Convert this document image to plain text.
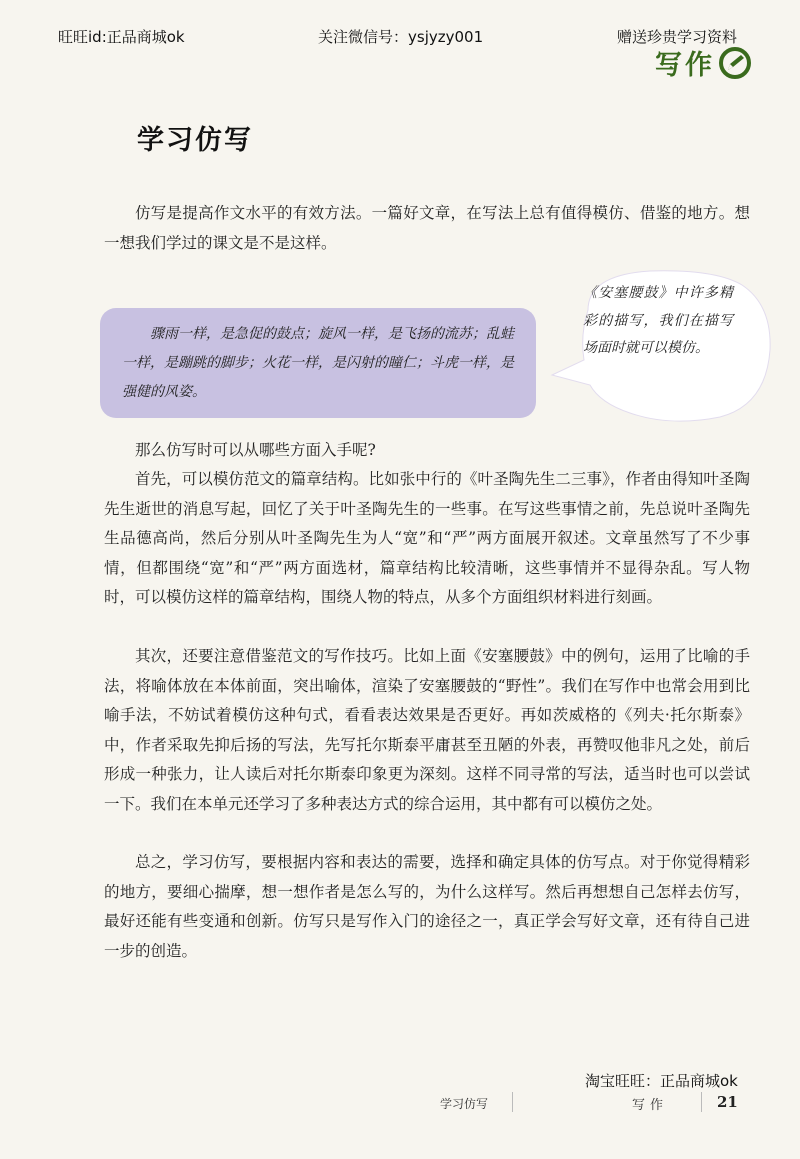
旺旺id:正品商城ok	关注微信号：ysjyzy001	赠送珍贵学习资料
写作
学习仿写

仿写是提高作文水平的有效方法。一篇好文章，在写法上总有值得模仿、借鉴的地方。想一想我们学过的课文是不是这样。

骤雨一样，是急促的鼓点；旋风一样，是飞扬的流苏；乱蛙一样，是蹦跳的脚步；火花一样，是闪射的瞳仁；斗虎一样，是强健的风姿。

《安塞腰鼓》中许多精彩的描写，我们在描写场面时就可以模仿。

那么仿写时可以从哪些方面入手呢?

首先，可以模仿范文的篇章结构。比如张中行的《叶圣陶先生二三事》，作者由得知叶圣陶先生逝世的消息写起，回忆了关于叶圣陶先生的一些事。在写这些事情之前，先总说叶圣陶先生品德高尚，然后分别从叶圣陶先生为人“宽”和“严”两方面展开叙述。文章虽然写了不少事情，但都围绕“宽”和“严”两方面选材，篇章结构比较清晰，这些事情并不显得杂乱。写人物时，可以模仿这样的篇章结构，围绕人物的特点，从多个方面组织材料进行刻画。

其次，还要注意借鉴范文的写作技巧。比如上面《安塞腰鼓》中的例句，运用了比喻的手法，将喻体放在本体前面，突出喻体，渲染了安塞腰鼓的“野性”。我们在写作中也常会用到比喻手法，不妨试着模仿这种句式，看看表达效果是否更好。再如茨威格的《列夫·托尔斯泰》中，作者采取先抑后扬的写法，先写托尔斯泰平庸甚至丑陋的外表，再赞叹他非凡之处，前后形成一种张力，让人读后对托尔斯泰印象更为深刻。这样不同寻常的写法，适当时也可以尝试一下。我们在本单元还学习了多种表达方式的综合运用，其中都有可以模仿之处。

总之，学习仿写，要根据内容和表达的需要，选择和确定具体的仿写点。对于你觉得精彩的地方，要细心揣摩，想一想作者是怎么写的，为什么这样写。然后再想想自己怎样去仿写，最好还能有些变通和创新。仿写只是写作入门的途径之一，真正学会写好文章，还有待自己进一步的创造。

淘宝旺旺：正品商城ok
学习仿写	写作	21
